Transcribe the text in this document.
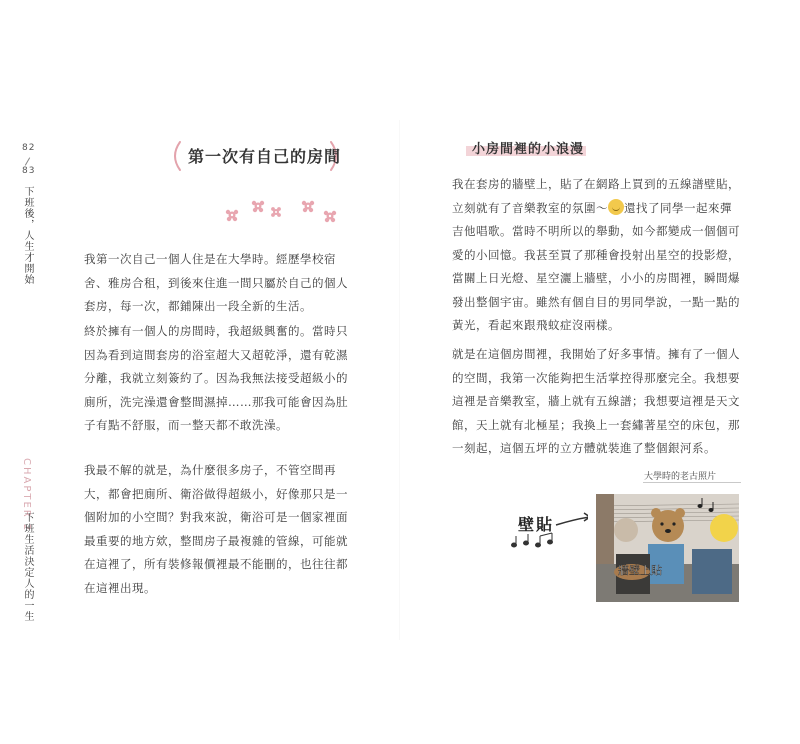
82
83
下班後，人生才開始
CHAPTER 2
下班生活決定人的一生
第一次有自己的房間
我第一次自己一個人住是在大學時。經歷學校宿舍、雅房合租，到後來住進一間只屬於自己的個人套房，每一次，都鋪陳出一段全新的生活。
終於擁有一個人的房間時，我超級興奮的。當時只因為看到這間套房的浴室超大又超乾淨，還有乾濕分離，我就立刻簽約了。因為我無法接受超級小的廁所，洗完澡還會整間濕掉……那我可能會因為肚子有點不舒服，而一整天都不敢洗澡。
我最不解的就是，為什麼很多房子，不管空間再大，都會把廁所、衛浴做得超級小，好像那只是一個附加的小空間？對我來說，衛浴可是一個家裡面最重要的地方欸，整間房子最複雜的管線，可能就在這裡了，所有裝修報價裡最不能刪的，也往往都在這裡出現。
小房間裡的小浪漫
我在套房的牆壁上，貼了在網路上買到的五線譜壁貼，立刻就有了音樂教室的氛圍～ 還找了同學一起來彈吉他唱歌。當時不明所以的舉動，如今都變成一個個可愛的小回憶。我甚至買了那種會投射出星空的投影燈，當關上日光燈、星空灑上牆壁，小小的房間裡，瞬間爆發出整個宇宙。雖然有個自目的男同學說，一點一點的黃光，看起來跟飛蚊症沒兩樣。
就是在這個房間裡，我開始了好多事情。擁有了一個人的空間，我第一次能夠把生活掌控得那麼完全。我想要這裡是音樂教室，牆上就有五線譜；我想要這裡是天文館，天上就有北極星；我換上一套繡著星空的床包，那一刻起，這個五坪的立方體就裝進了整個銀河系。
大學時的老古照片
壁貼
牆壁上貼
